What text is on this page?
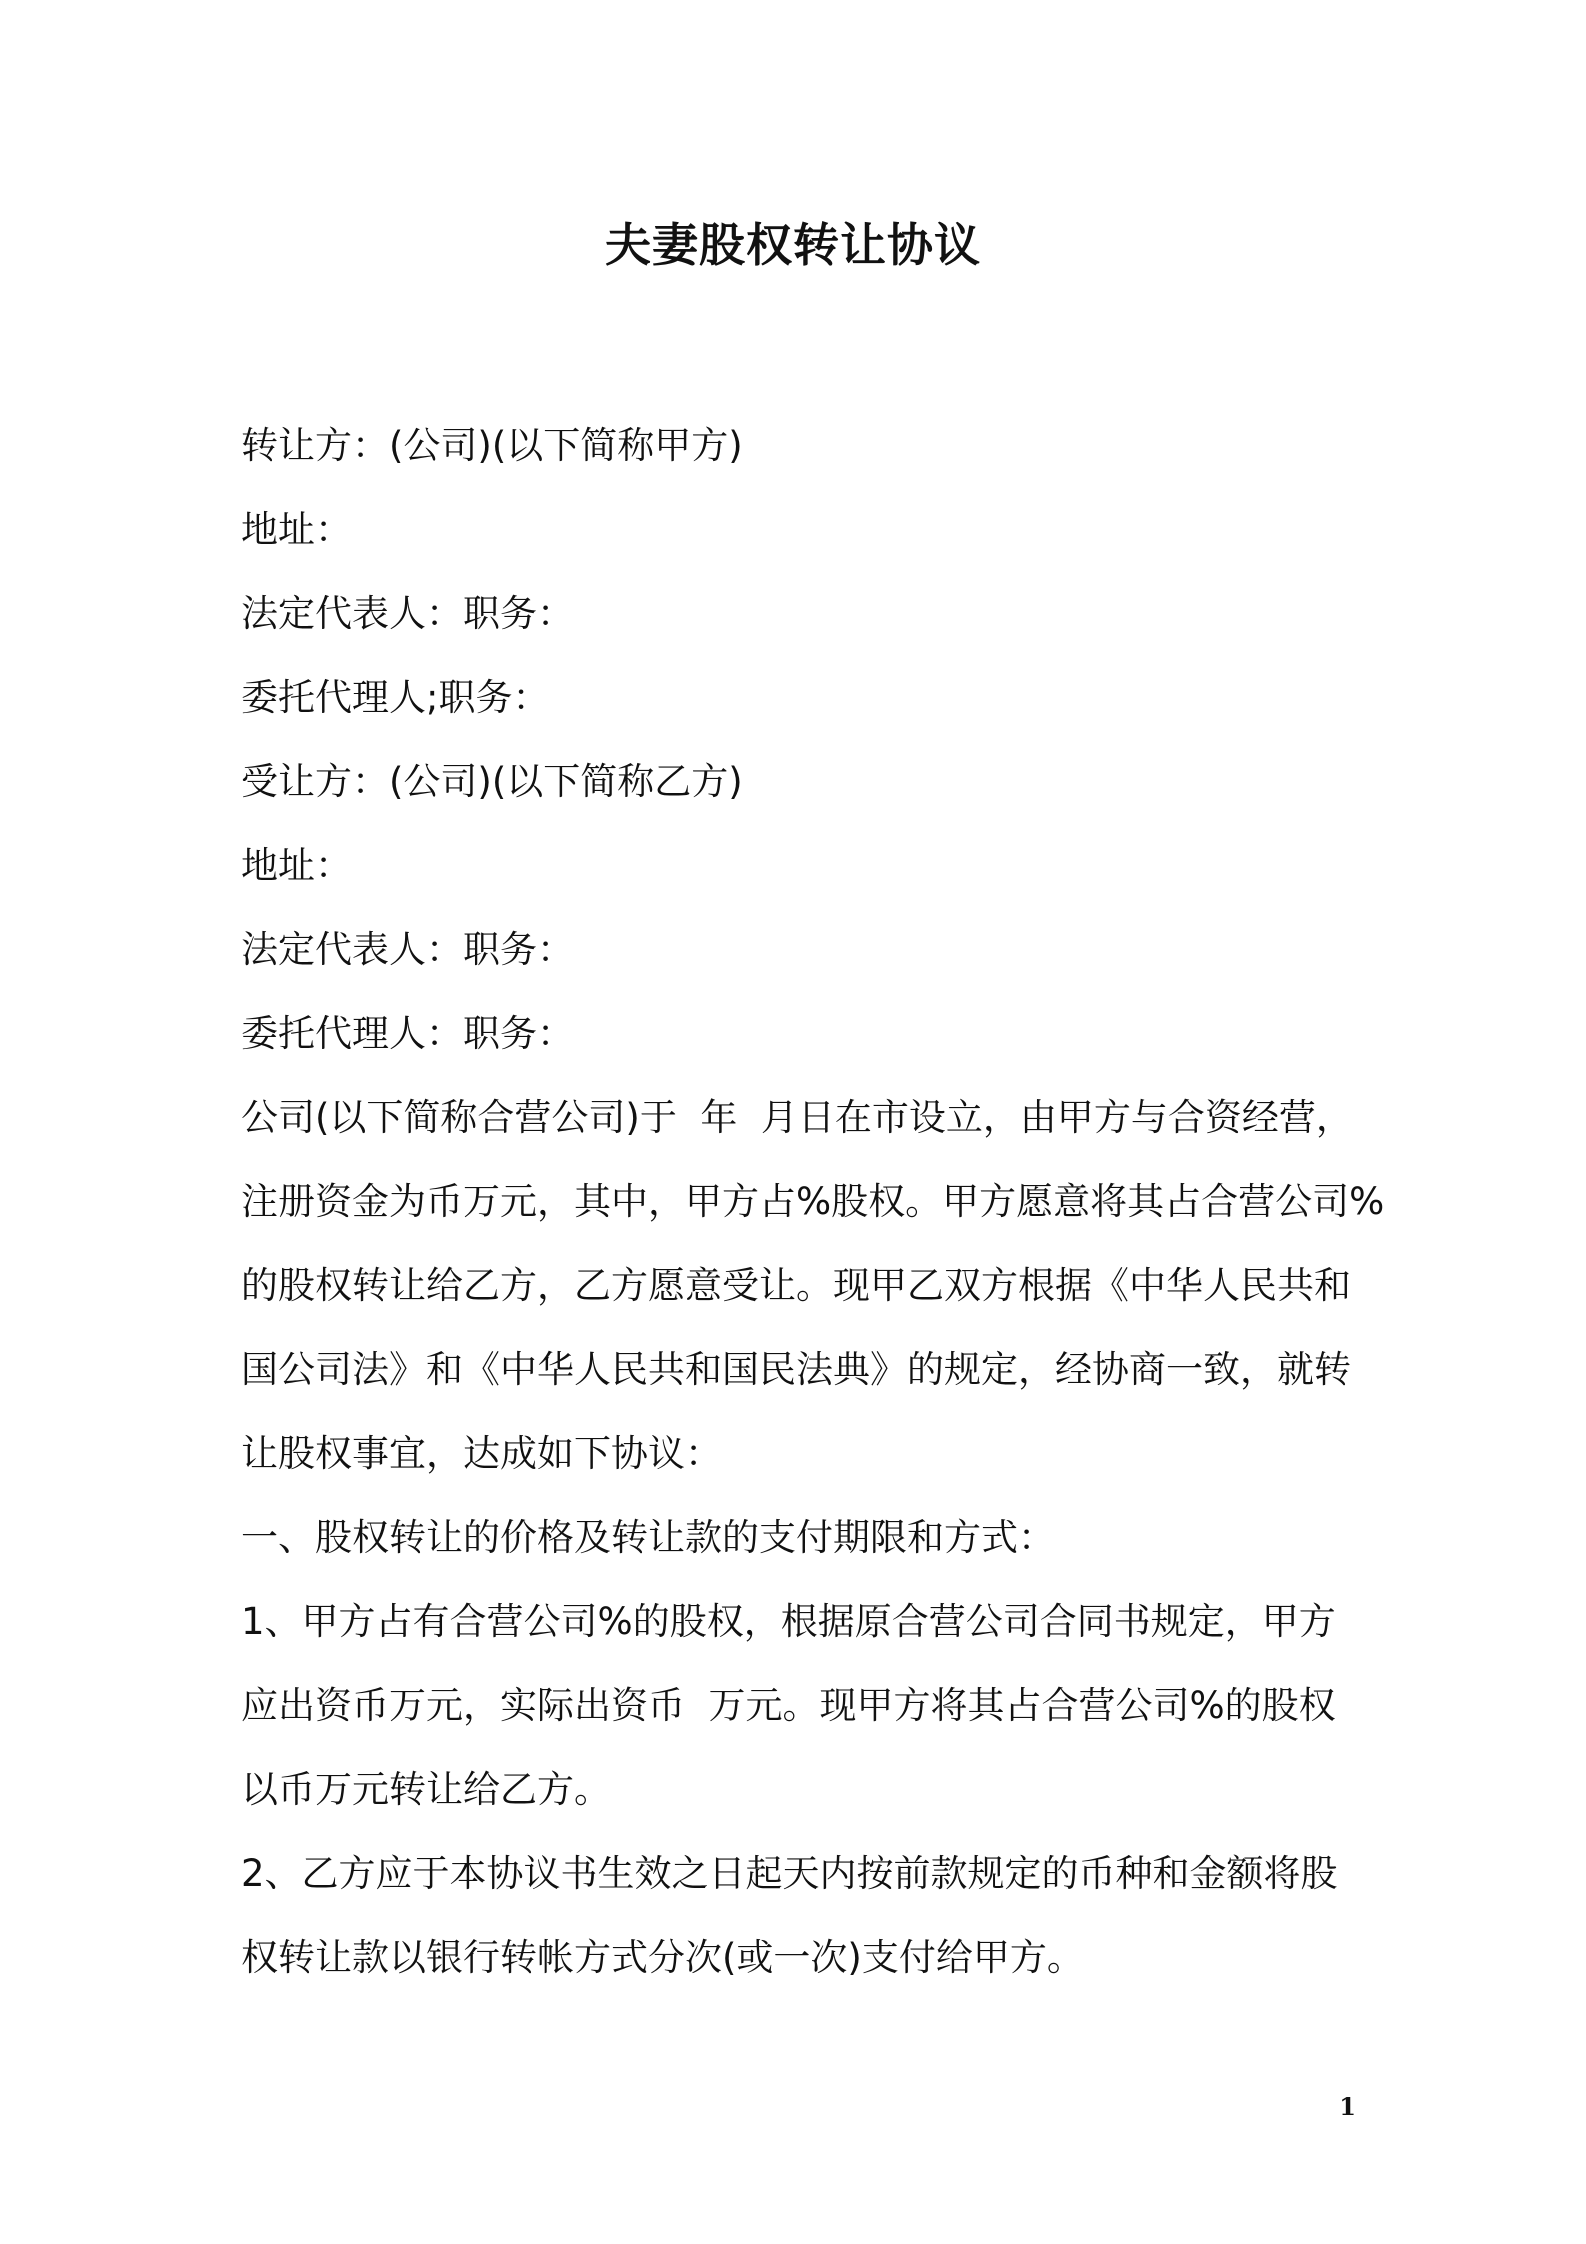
夫妻股权转让协议
转让方：(公司)(以下简称甲方)
地址：
法定代表人：职务：
委托代理人;职务：
受让方：(公司)(以下简称乙方)
地址：
法定代表人：职务：
委托代理人：职务：
公司(以下简称合营公司)于  年  月日在市设立，由甲方与合资经营，
注册资金为币万元，其中，甲方占%股权。甲方愿意将其占合营公司%
的股权转让给乙方，乙方愿意受让。现甲乙双方根据《中华人民共和
国公司法》和《中华人民共和国民法典》的规定，经协商一致，就转
让股权事宜，达成如下协议：
一、股权转让的价格及转让款的支付期限和方式：
1、甲方占有合营公司%的股权，根据原合营公司合同书规定，甲方
应出资币万元，实际出资币  万元。现甲方将其占合营公司%的股权
以币万元转让给乙方。
2、乙方应于本协议书生效之日起天内按前款规定的币种和金额将股
权转让款以银行转帐方式分次(或一次)支付给甲方。
1
